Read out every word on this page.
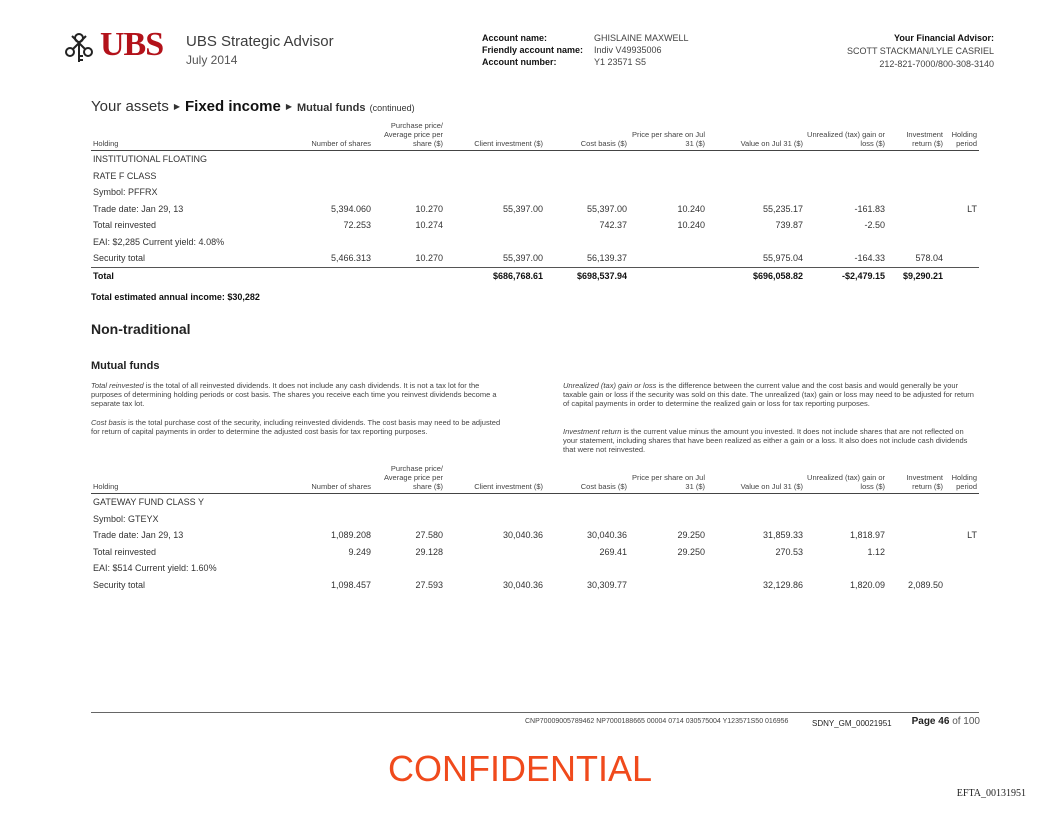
UBS UBS Strategic Advisor
July 2014
Account name:	GHISLAINE MAXWELL
Friendly account name: Indiv V49935006
Account number:	Y1 23571 S5
Your Financial Advisor:
SCOTT STACKMAN/LYLE CASRIEL
212-821-7000/800-308-3140
Your assets ▶ Fixed income ▶ Mutual funds (continued)
Holding	Number of shares	Purchase price/ Average price per share ($)	Client investment ($)	Cost basis ($)	Price per share on Jul 31 ($)	Value on Jul 31 ($)	Unrealized (tax) gain or loss ($)	Investment return ($)	Holding period
INSTITUTIONAL FLOATING									
RATE F CLASS									
Symbol: PFFRX									
Trade date: Jan 29, 13	5,394.060	10.270	55,397.00	55,397.00	10.240	55,235.17	-161.83		LT
Total reinvested	72.253	10.274		742.37	10.240	739.87	-2.50		
EAI: $2,285 Current yield: 4.08%									
Security total	5,466.313	10.270	55,397.00	56,139.37		55,975.04	-164.33	578.04	
Total			$686,768.61	$698,537.94		$696,058.82	-$2,479.15	$9,290.21	
Total estimated annual income: $30,282
Non-traditional
Mutual funds
Total reinvested is the total of all reinvested dividends. It does not include any cash dividends. It is not a tax lot for the purposes of determining holding periods or cost basis. The shares you receive each time you reinvest dividends become a separate tax lot.
Cost basis is the total purchase cost of the security, including reinvested dividends. The cost basis may need to be adjusted for return of capital payments in order to determine the adjusted cost basis for tax reporting purposes.
Unrealized (tax) gain or loss is the difference between the current value and the cost basis and would generally be your taxable gain or loss if the security was sold on this date. The unrealized (tax) gain or loss may need to be adjusted for return of capital payments in order to determine the realized gain or loss for tax reporting purposes.
Investment return is the current value minus the amount you invested. It does not include shares that are not reflected on your statement, including shares that have been realized as either a gain or a loss. It also does not include cash dividends that were not reinvested.
Holding	Number of shares	Purchase price/ Average price per share ($)	Client investment ($)	Cost basis ($)	Price per share on Jul 31 ($)	Value on Jul 31 ($)	Unrealized (tax) gain or loss ($)	Investment return ($)	Holding period
GATEWAY FUND CLASS Y									
Symbol: GTEYX									
Trade date: Jan 29, 13	1,089.208	27.580	30,040.36	30,040.36	29.250	31,859.33	1,818.97		LT
Total reinvested	9.249	29.128		269.41	29.250	270.53	1.12		
EAI: $514 Current yield: 1.60%									
Security total	1,098.457	27.593	30,040.36	30,309.77		32,129.86	1,820.09	2,089.50	
CNP70009005789462 NP7000188665 00004 0714 030575004 Y123571S50 016956	SDNY_GM_00021951 Page 46 of 100
CONFIDENTIAL
EFTA_00131951
